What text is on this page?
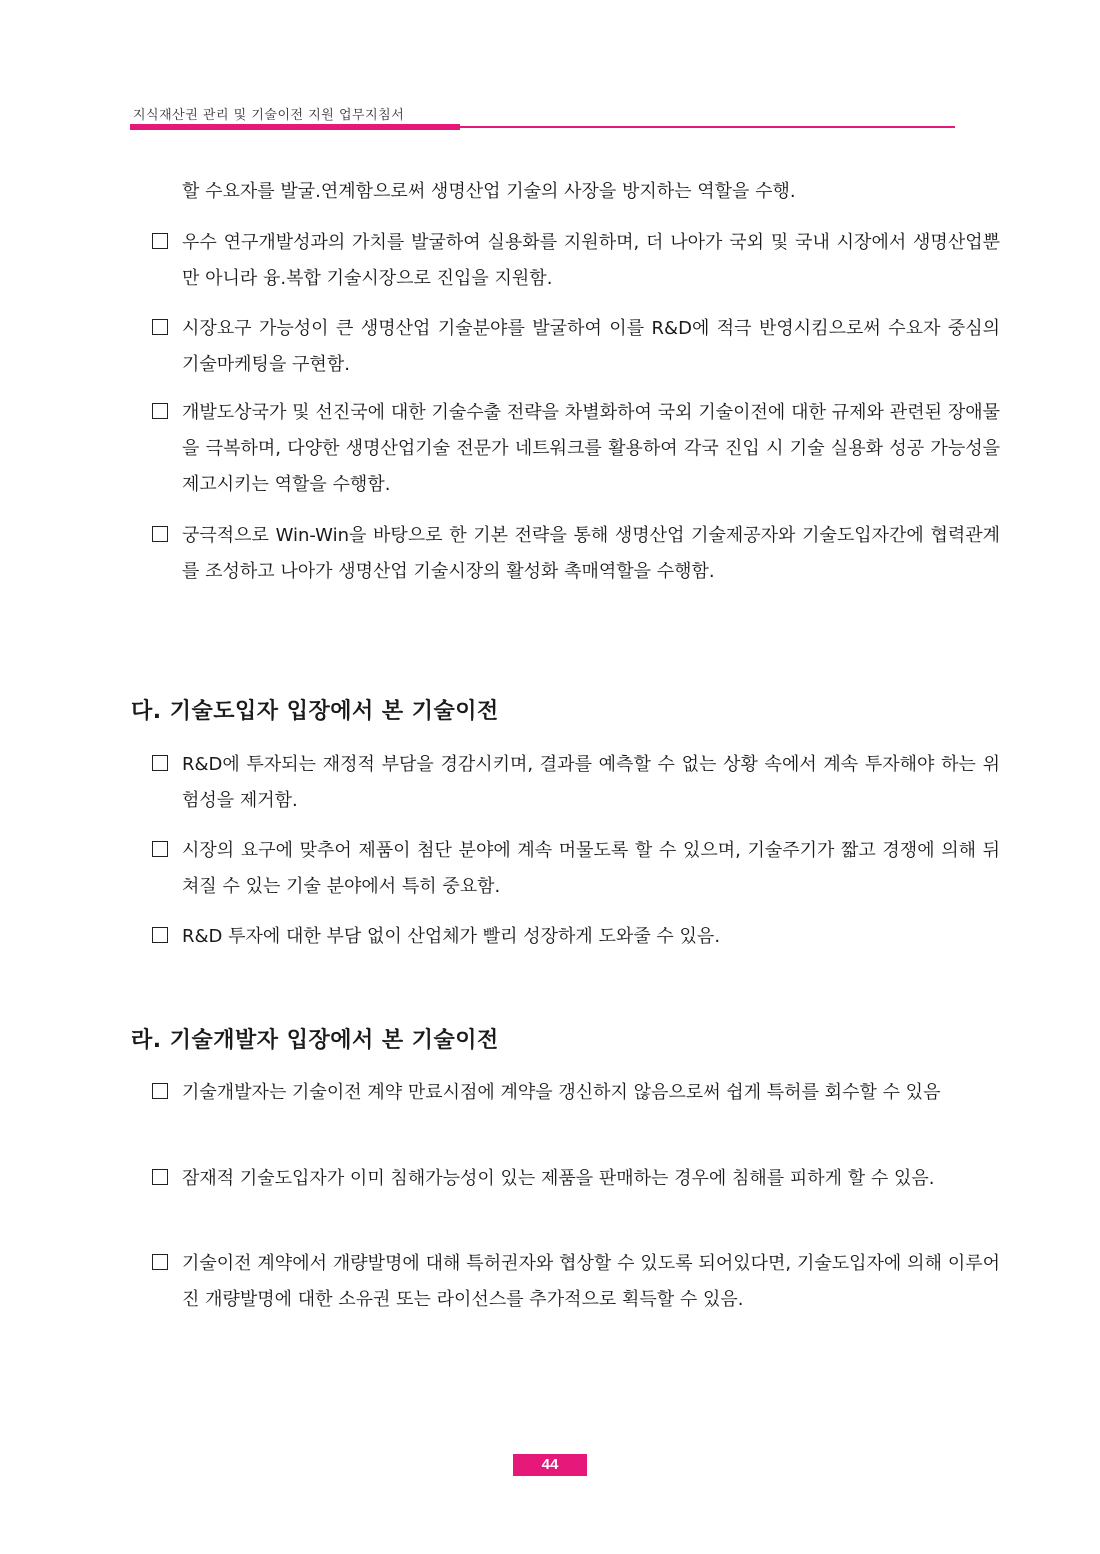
지식재산권 관리 및 기술이전 지원 업무지침서

할 수요자를 발굴.연계함으로써 생명산업 기술의 사장을 방지하는 역할을 수행.

우수 연구개발성과의 가치를 발굴하여 실용화를 지원하며, 더 나아가 국외 및 국내 시장에서 생명산업뿐만 아니라 융.복합 기술시장으로 진입을 지원함.

시장요구 가능성이 큰 생명산업 기술분야를 발굴하여 이를 R&D에 적극 반영시킴으로써 수요자 중심의 기술마케팅을 구현함.

개발도상국가 및 선진국에 대한 기술수출 전략을 차별화하여 국외 기술이전에 대한 규제와 관련된 장애물을 극복하며, 다양한 생명산업기술 전문가 네트워크를 활용하여 각국 진입 시 기술 실용화 성공 가능성을 제고시키는 역할을 수행함.

궁극적으로 Win-Win을 바탕으로 한 기본 전략을 통해 생명산업 기술제공자와 기술도입자간에 협력관계를 조성하고 나아가 생명산업 기술시장의 활성화 촉매역할을 수행함.

다. 기술도입자 입장에서 본 기술이전

R&D에 투자되는 재정적 부담을 경감시키며, 결과를 예측할 수 없는 상황 속에서 계속 투자해야 하는 위험성을 제거함.

시장의 요구에 맞추어 제품이 첨단 분야에 계속 머물도록 할 수 있으며, 기술주기가 짧고 경쟁에 의해 뒤쳐질 수 있는 기술 분야에서 특히 중요함.

R&D 투자에 대한 부담 없이 산업체가 빨리 성장하게 도와줄 수 있음.

라. 기술개발자 입장에서 본 기술이전

기술개발자는 기술이전 계약 만료시점에 계약을 갱신하지 않음으로써 쉽게 특허를 회수할 수 있음

잠재적 기술도입자가 이미 침해가능성이 있는 제품을 판매하는 경우에 침해를 피하게 할 수 있음.

기술이전 계약에서 개량발명에 대해 특허권자와 협상할 수 있도록 되어있다면, 기술도입자에 의해 이루어진 개량발명에 대한 소유권 또는 라이선스를 추가적으로 획득할 수 있음.

44
